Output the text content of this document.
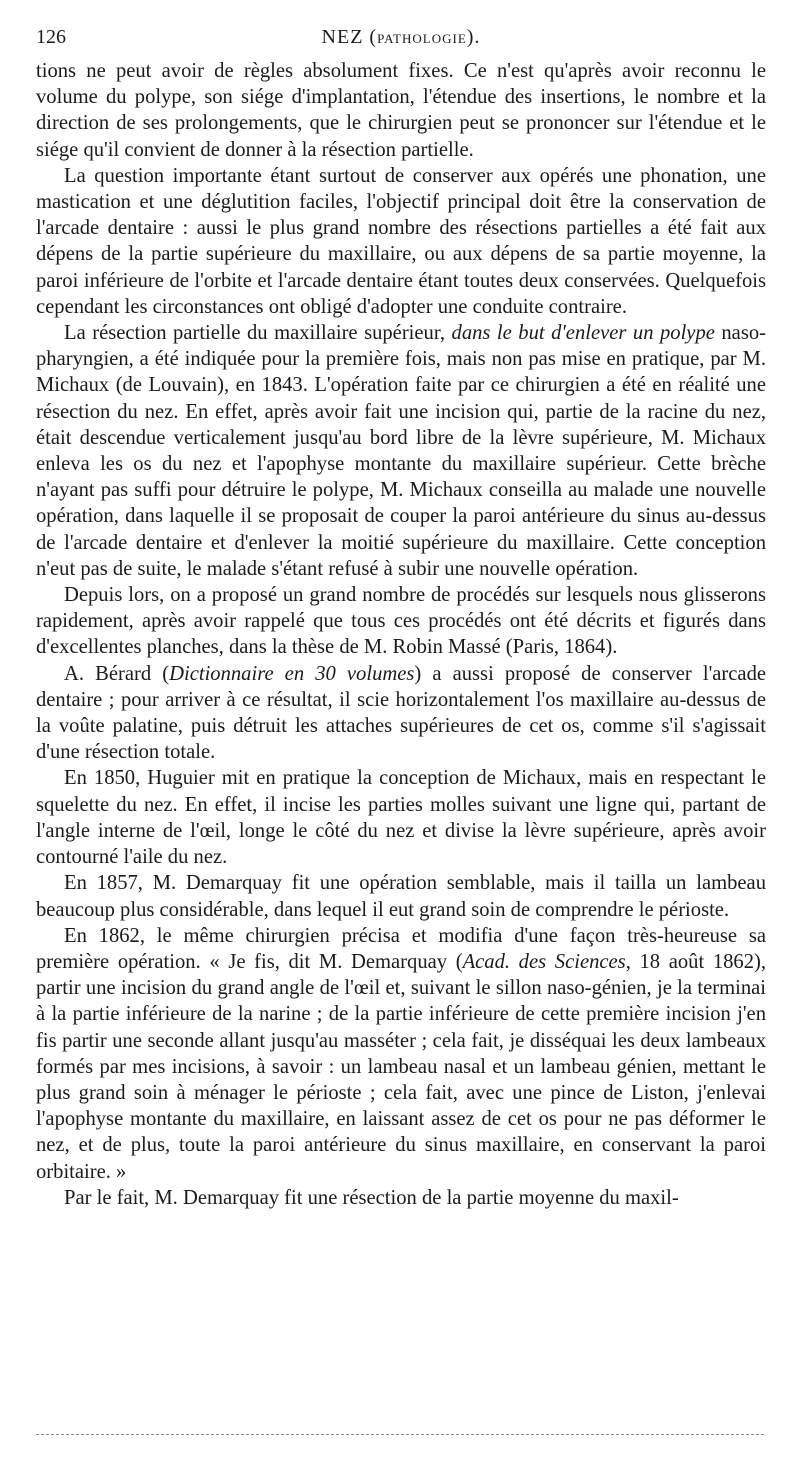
126	NEZ (PATHOLOGIE).

tions ne peut avoir de règles absolument fixes. Ce n'est qu'après avoir reconnu le volume du polype, son siége d'implantation, l'étendue des insertions, le nombre et la direction de ses prolongements, que le chirurgien peut se prononcer sur l'étendue et le siége qu'il convient de donner à la résection partielle.

La question importante étant surtout de conserver aux opérés une phonation, une mastication et une déglutition faciles, l'objectif principal doit être la conservation de l'arcade dentaire : aussi le plus grand nombre des résections partielles a été fait aux dépens de la partie supérieure du maxillaire, ou aux dépens de sa partie moyenne, la paroi inférieure de l'orbite et l'arcade dentaire étant toutes deux conservées. Quelquefois cependant les circonstances ont obligé d'adopter une conduite contraire.

La résection partielle du maxillaire supérieur, dans le but d'enlever un polype naso-pharyngien, a été indiquée pour la première fois, mais non pas mise en pratique, par M. Michaux (de Louvain), en 1843. L'opération faite par ce chirurgien a été en réalité une résection du nez. En effet, après avoir fait une incision qui, partie de la racine du nez, était descendue verticalement jusqu'au bord libre de la lèvre supérieure, M. Michaux enleva les os du nez et l'apophyse montante du maxillaire supérieur. Cette brèche n'ayant pas suffi pour détruire le polype, M. Michaux conseilla au malade une nouvelle opération, dans laquelle il se proposait de couper la paroi antérieure du sinus au-dessus de l'arcade dentaire et d'enlever la moitié supérieure du maxillaire. Cette conception n'eut pas de suite, le malade s'étant refusé à subir une nouvelle opération.

Depuis lors, on a proposé un grand nombre de procédés sur lesquels nous glisserons rapidement, après avoir rappelé que tous ces procédés ont été décrits et figurés dans d'excellentes planches, dans la thèse de M. Robin Massé (Paris, 1864).

A. Bérard (Dictionnaire en 30 volumes) a aussi proposé de conserver l'arcade dentaire ; pour arriver à ce résultat, il scie horizontalement l'os maxillaire au-dessus de la voûte palatine, puis détruit les attaches supérieures de cet os, comme s'il s'agissait d'une résection totale.

En 1850, Huguier mit en pratique la conception de Michaux, mais en respectant le squelette du nez. En effet, il incise les parties molles suivant une ligne qui, partant de l'angle interne de l'œil, longe le côté du nez et divise la lèvre supérieure, après avoir contourné l'aile du nez.

En 1857, M. Demarquay fit une opération semblable, mais il tailla un lambeau beaucoup plus considérable, dans lequel il eut grand soin de comprendre le périoste.

En 1862, le même chirurgien précisa et modifia d'une façon très-heureuse sa première opération. « Je fis, dit M. Demarquay (Acad. des Sciences, 18 août 1862), partir une incision du grand angle de l'œil et, suivant le sillon naso-génien, je la terminai à la partie inférieure de la narine ; de la partie inférieure de cette première incision j'en fis partir une seconde allant jusqu'au masséter ; cela fait, je disséquai les deux lambeaux formés par mes incisions, à savoir : un lambeau nasal et un lambeau génien, mettant le plus grand soin à ménager le périoste ; cela fait, avec une pince de Liston, j'enlevai l'apophyse montante du maxillaire, en laissant assez de cet os pour ne pas déformer le nez, et de plus, toute la paroi antérieure du sinus maxillaire, en conservant la paroi orbitaire. »

Par le fait, M. Demarquay fit une résection de la partie moyenne du maxil-
